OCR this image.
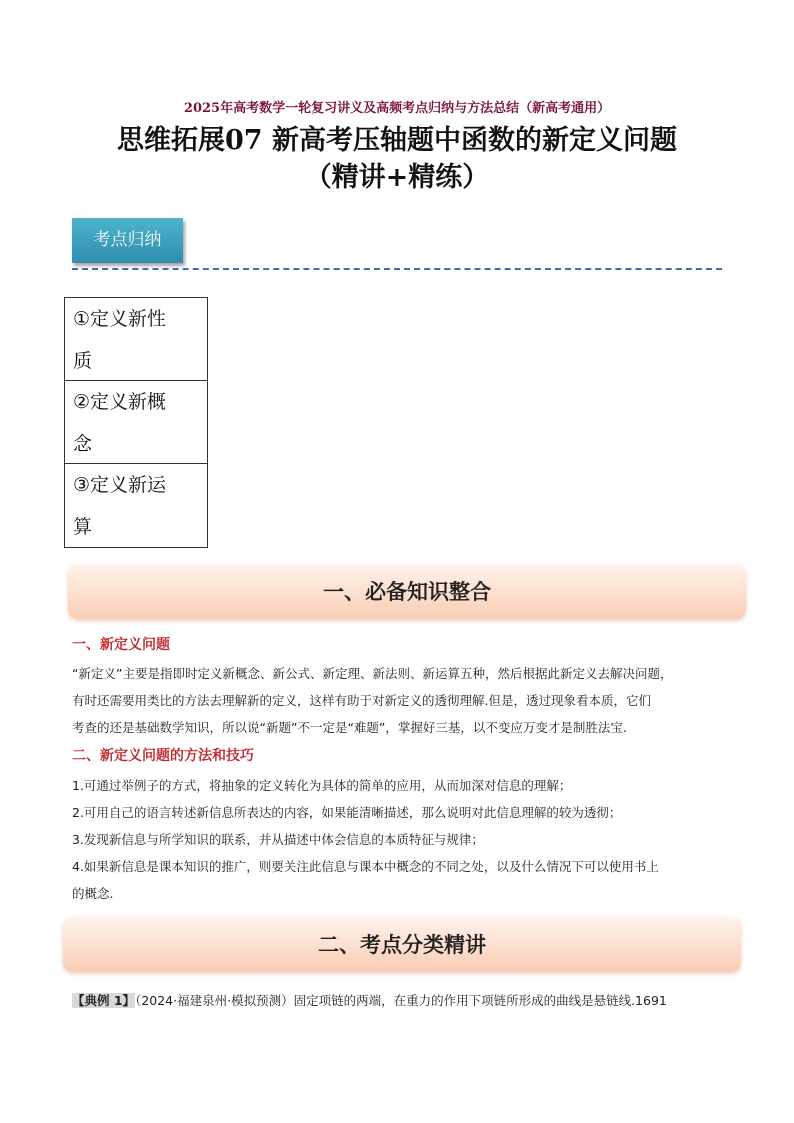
2025年高考数学一轮复习讲义及高频考点归纳与方法总结（新高考通用）
思维拓展07 新高考压轴题中函数的新定义问题
（精讲+精练）
考点归纳
①定义新性
质
②定义新概
念
③定义新运
算
一、必备知识整合
一、新定义问题
“新定义”主要是指即时定义新概念、新公式、新定理、新法则、新运算五种，然后根据此新定义去解决问题，
有时还需要用类比的方法去理解新的定义，这样有助于对新定义的透彻理解.但是，透过现象看本质，它们
考查的还是基础数学知识，所以说“新题”不一定是“难题”，掌握好三基，以不变应万变才是制胜法宝.
二、新定义问题的方法和技巧
1.可通过举例子的方式，将抽象的定义转化为具体的简单的应用，从而加深对信息的理解；
2.可用自己的语言转述新信息所表达的内容，如果能清晰描述，那么说明对此信息理解的较为透彻；
3.发现新信息与所学知识的联系，并从描述中体会信息的本质特征与规律；
4.如果新信息是课本知识的推广，则要关注此信息与课本中概念的不同之处，以及什么情况下可以使用书上
的概念.
二、考点分类精讲
【典例 1】（2024·福建泉州·模拟预测）固定项链的两端，在重力的作用下项链所形成的曲线是悬链线.1691
